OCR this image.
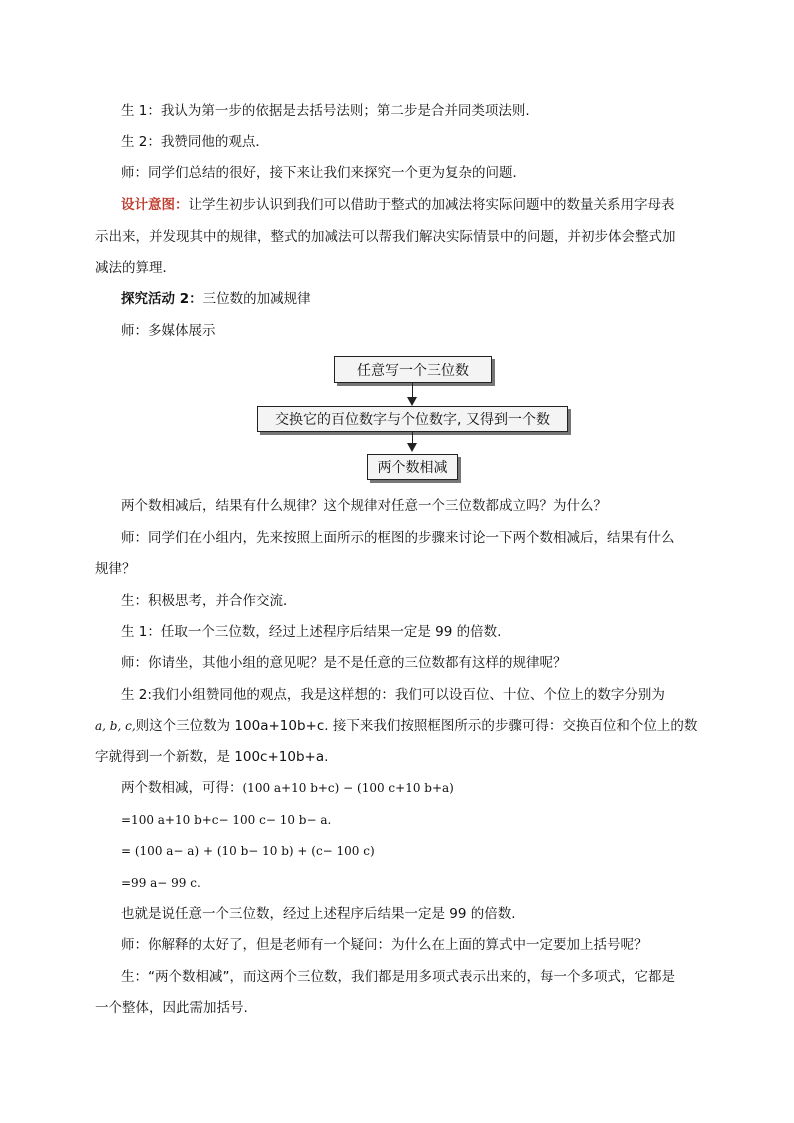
生 1：我认为第一步的依据是去括号法则；第二步是合并同类项法则.
生 2：我赞同他的观点．
师：同学们总结的很好，接下来让我们来探究一个更为复杂的问题．
设计意图：让学生初步认识到我们可以借助于整式的加减法将实际问题中的数量关系用字母表
示出来，并发现其中的规律，整式的加减法可以帮我们解决实际情景中的问题，并初步体会整式加
减法的算理．
探究活动 2：三位数的加减规律
师：多媒体展示
任意写一个三位数
交换它的百位数字与个位数字, 又得到一个数
两个数相减
两个数相减后，结果有什么规律？这个规律对任意一个三位数都成立吗？为什么？
师：同学们在小组内，先来按照上面所示的框图的步骤来讨论一下两个数相减后，结果有什么
规律？
生：积极思考，并合作交流．
生 1：任取一个三位数，经过上述程序后结果一定是 99 的倍数.
师：你请坐，其他小组的意见呢？是不是任意的三位数都有这样的规律呢？
生 2:我们小组赞同他的观点，我是这样想的：我们可以设百位、十位、个位上的数字分别为
a, b, c,则这个三位数为 100a+10b+c. 接下来我们按照框图所示的步骤可得：交换百位和个位上的数
字就得到一个新数，是 100c+10b+a.
两个数相减，可得：(100 a+10 b+c) − (100 c+10 b+a)
=100 a+10 b+c− 100 c− 10 b− a.
= (100 a− a) + (10 b− 10 b) + (c− 100 c)
=99 a− 99 c.
也就是说任意一个三位数，经过上述程序后结果一定是 99 的倍数.
师：你解释的太好了，但是老师有一个疑问：为什么在上面的算式中一定要加上括号呢？
生：“两个数相减”，而这两个三位数，我们都是用多项式表示出来的，每一个多项式，它都是
一个整体，因此需加括号.
